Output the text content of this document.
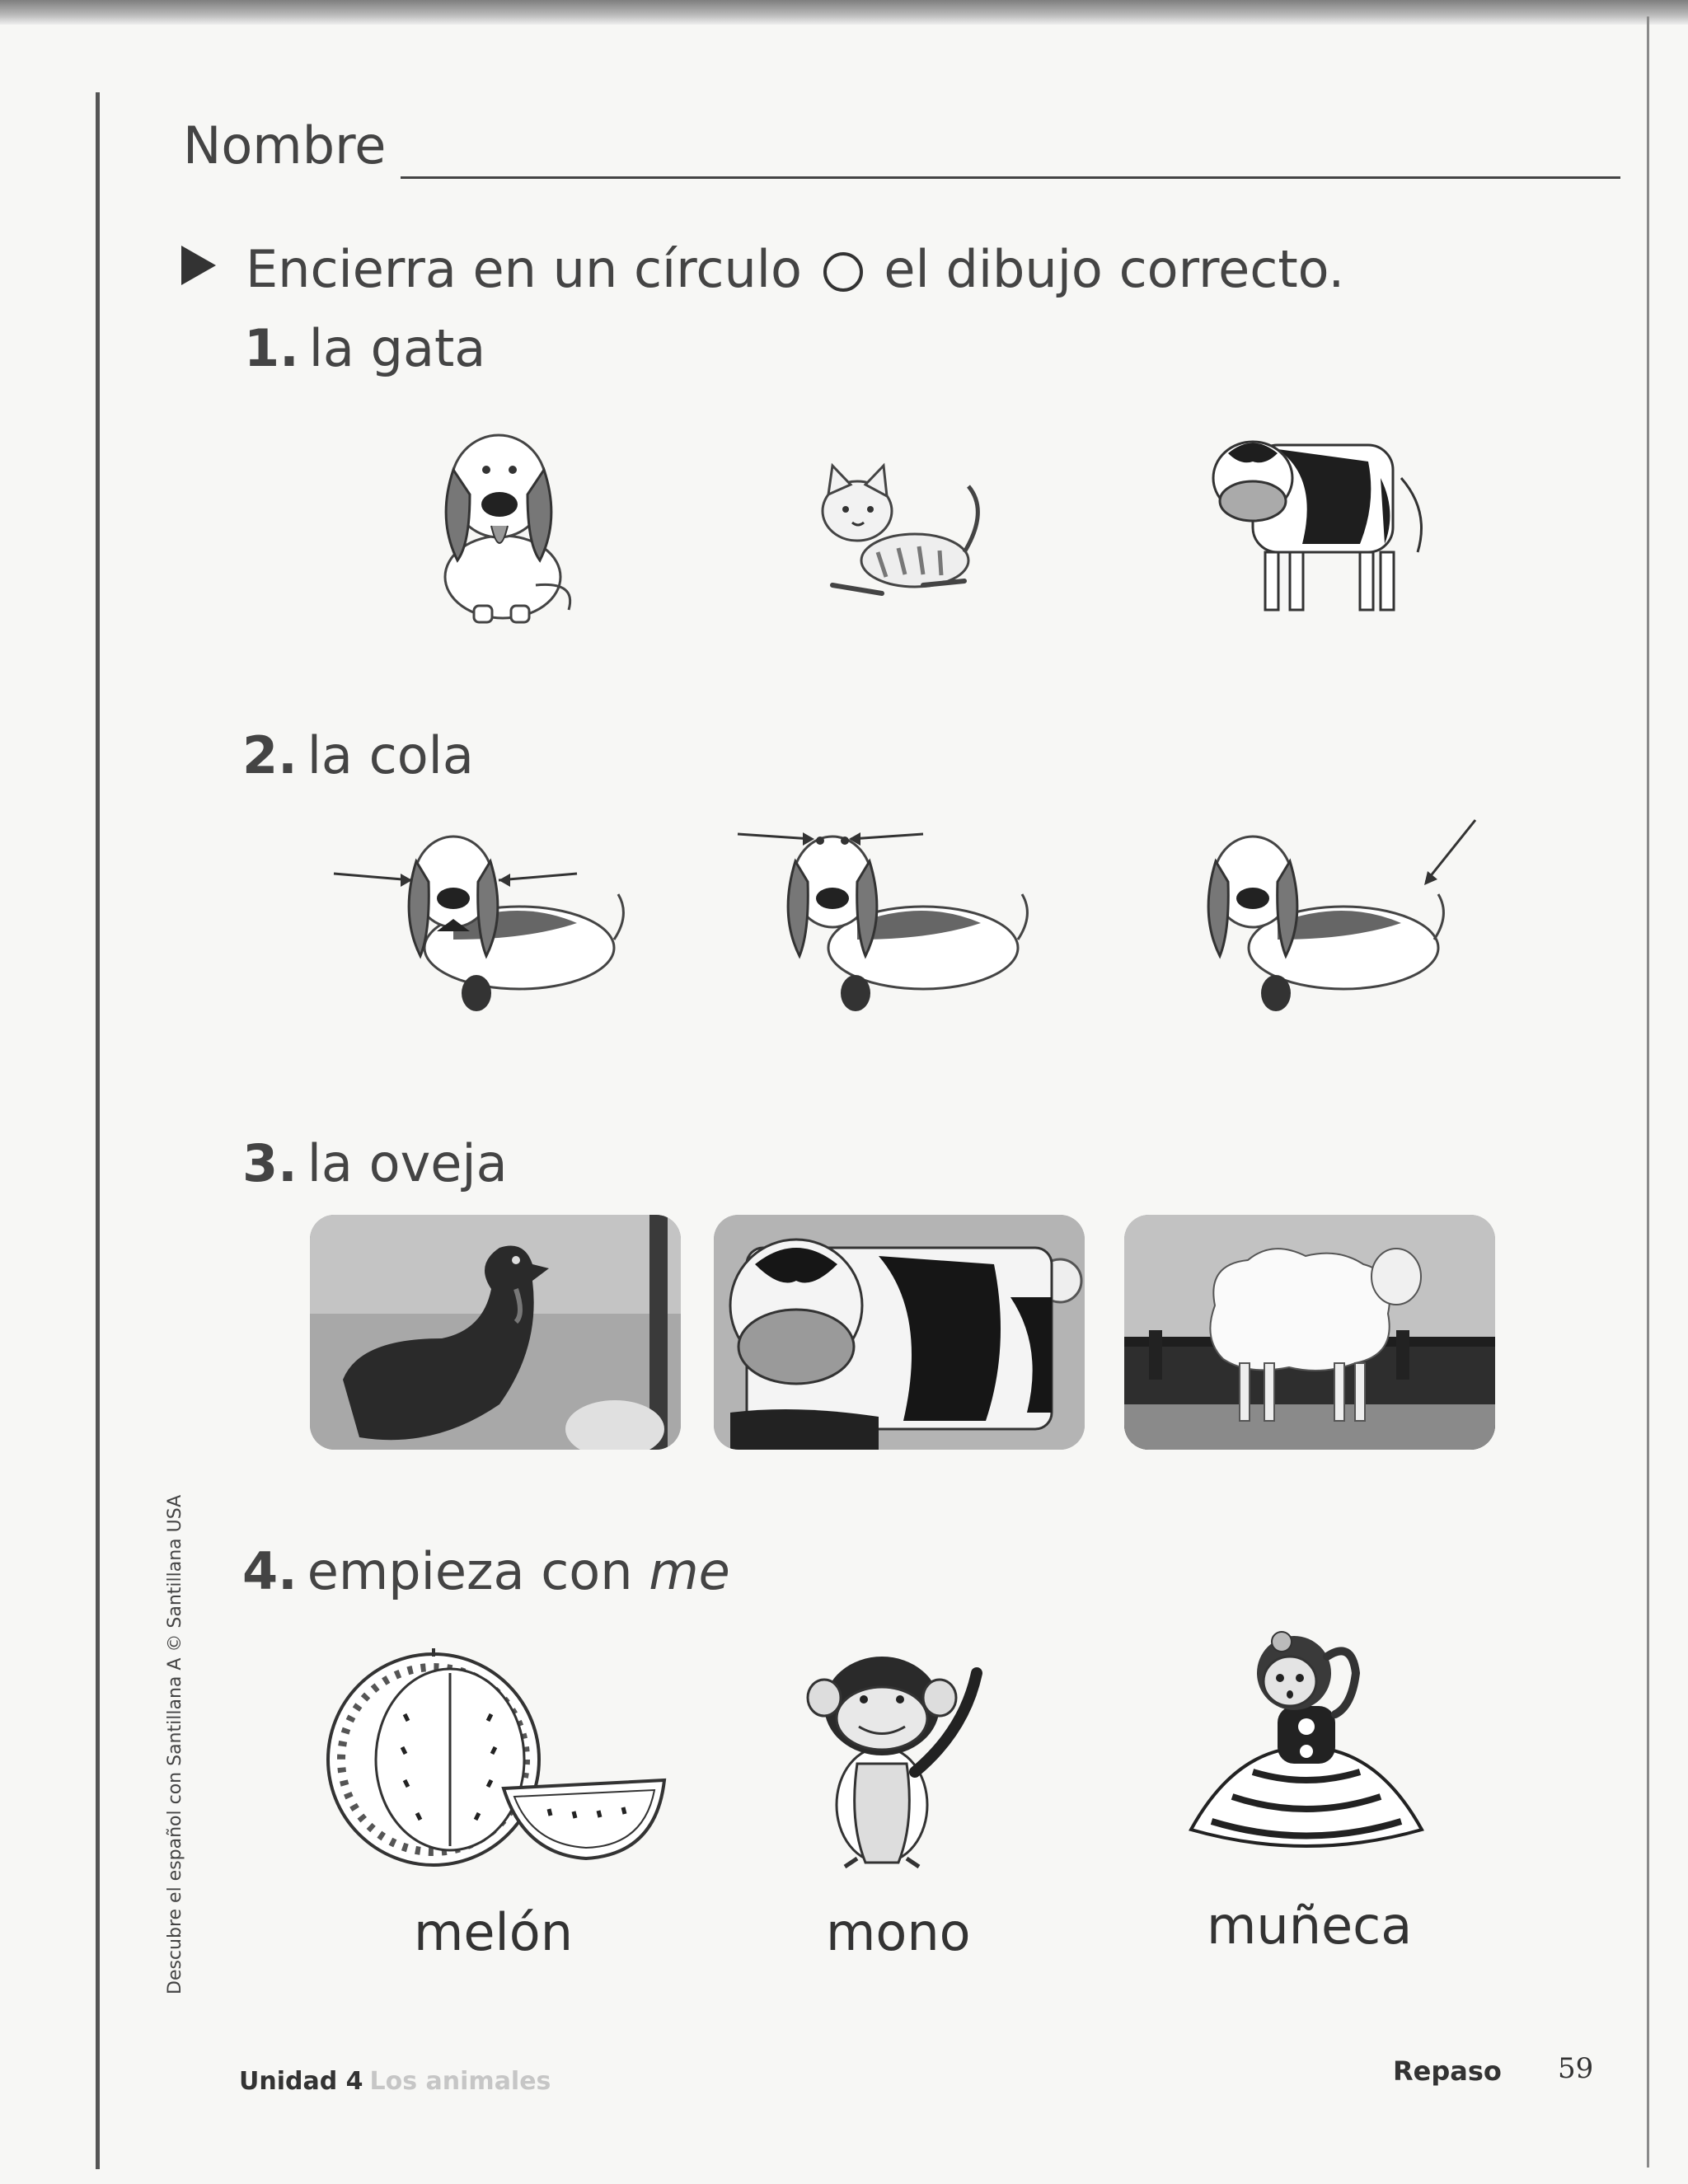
Nombre
Encierra en un círculo el dibujo correcto.
1. la gata
2. la cola
3. la oveja
4. empieza con me
melón	mono	muñeca
Descubre el español con Santillana A © Santillana USA
Unidad 4 Los animales	Repaso 59
